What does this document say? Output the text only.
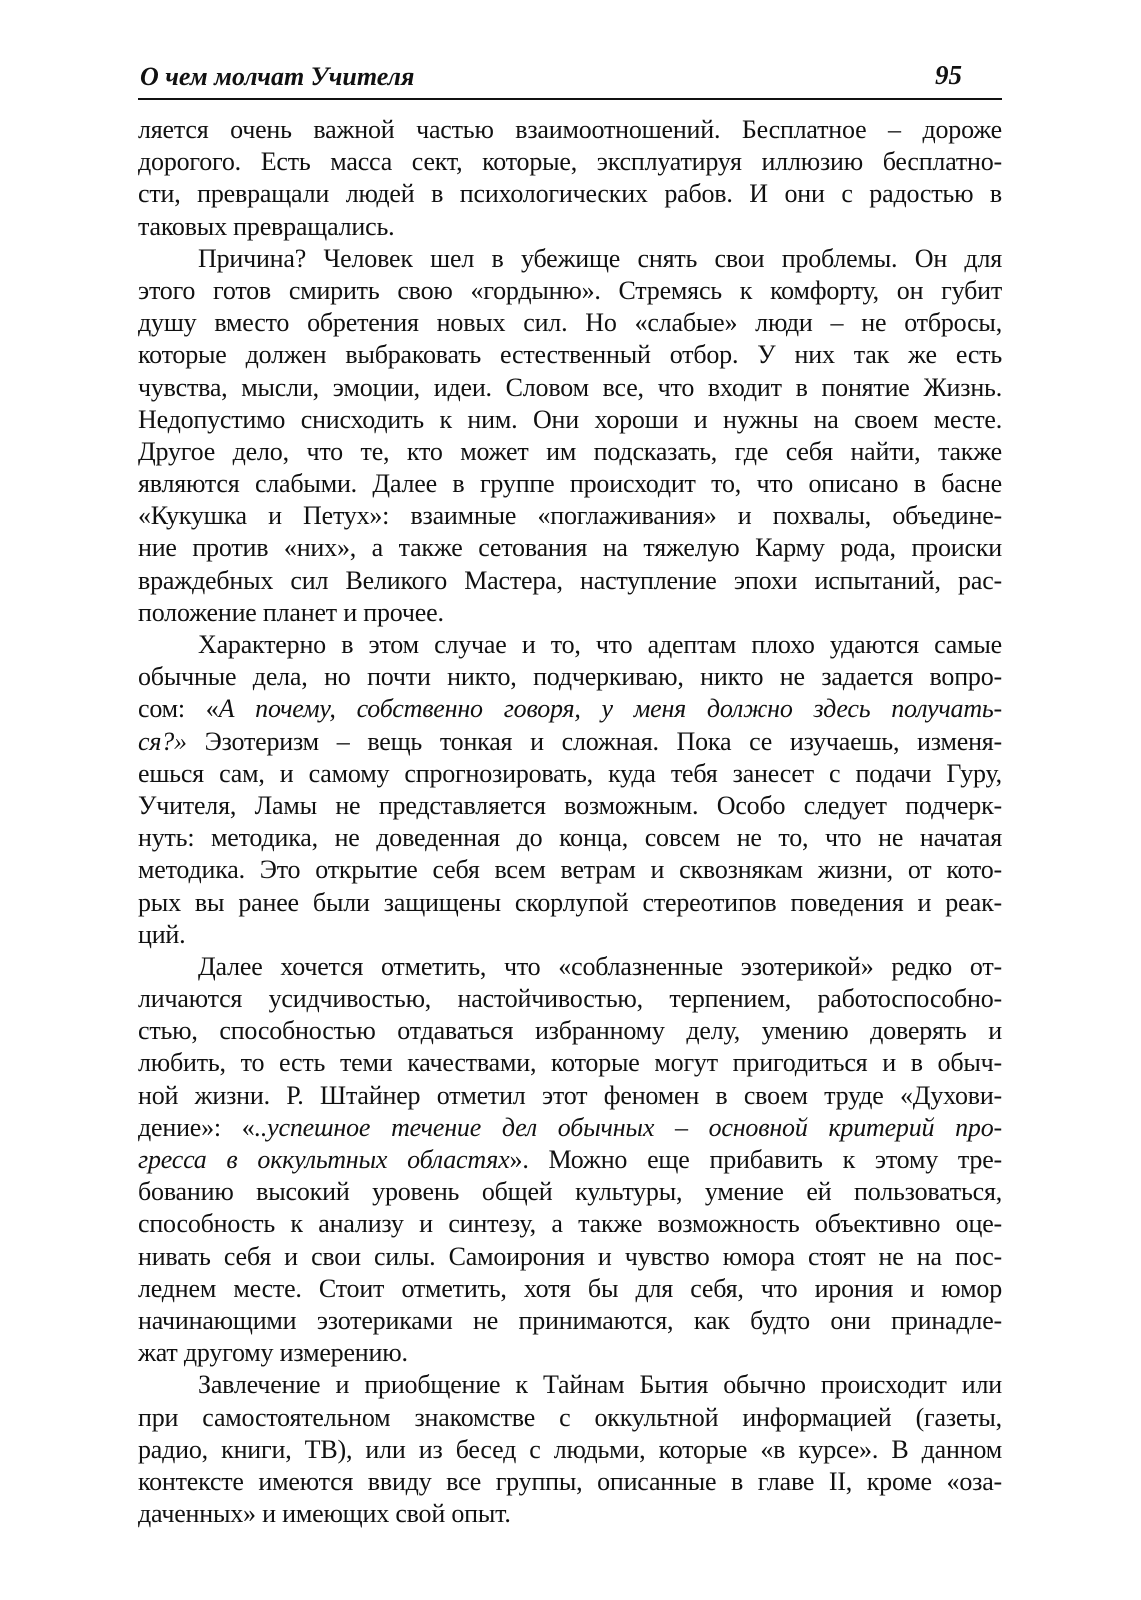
О чем молчат Учителя	95
ляется очень важной частью взаимоотношений. Бесплатное – дороже
дорогого. Есть масса сект, которые, эксплуатируя иллюзию бесплатно-
сти, превращали людей в психологических рабов. И они с радостью в
таковых превращались.
Причина? Человек шел в убежище снять свои проблемы. Он для
этого готов смирить свою «гордыню». Стремясь к комфорту, он губит
душу вместо обретения новых сил. Но «слабые» люди – не отбросы,
которые должен выбраковать естественный отбор. У них так же есть
чувства, мысли, эмоции, идеи. Словом все, что входит в понятие Жизнь.
Недопустимо снисходить к ним. Они хороши и нужны на своем месте.
Другое дело, что те, кто может им подсказать, где себя найти, также
являются слабыми. Далее в группе происходит то, что описано в басне
«Кукушка и Петух»: взаимные «поглаживания» и похвалы, объедине-
ние против «них», а также сетования на тяжелую Карму рода, происки
враждебных сил Великого Мастера, наступление эпохи испытаний, рас-
положение планет и прочее.
Характерно в этом случае и то, что адептам плохо удаются самые
обычные дела, но почти никто, подчеркиваю, никто не задается вопро-
сом: «А почему, собственно говоря, у меня должно здесь получать-
ся?» Эзотеризм – вещь тонкая и сложная. Пока се изучаешь, изменя-
ешься сам, и самому спрогнозировать, куда тебя занесет с подачи Гуру,
Учителя, Ламы не представляется возможным. Особо следует подчерк-
нуть: методика, не доведенная до конца, совсем не то, что не начатая
методика. Это открытие себя всем ветрам и сквознякам жизни, от кото-
рых вы ранее были защищены скорлупой стереотипов поведения и реак-
ций.
Далее хочется отметить, что «соблазненные эзотерикой» редко от-
личаются усидчивостью, настойчивостью, терпением, работоспособно-
стью, способностью отдаваться избранному делу, умению доверять и
любить, то есть теми качествами, которые могут пригодиться и в обыч-
ной жизни. Р. Штайнер отметил этот феномен в своем труде «Духови-
дение»: «..успешное течение дел обычных – основной критерий про-
гресса в оккультных областях». Можно еще прибавить к этому тре-
бованию высокий уровень общей культуры, умение ей пользоваться,
способность к анализу и синтезу, а также возможность объективно оце-
нивать себя и свои силы. Самоирония и чувство юмора стоят не на пос-
леднем месте. Стоит отметить, хотя бы для себя, что ирония и юмор
начинающими эзотериками не принимаются, как будто они принадле-
жат другому измерению.
Завлечение и приобщение к Тайнам Бытия обычно происходит или
при самостоятельном знакомстве с оккультной информацией (газеты,
радио, книги, ТВ), или из бесед с людьми, которые «в курсе». В данном
контексте имеются ввиду все группы, описанные в главе II, кроме «оза-
даченных» и имеющих свой опыт.
